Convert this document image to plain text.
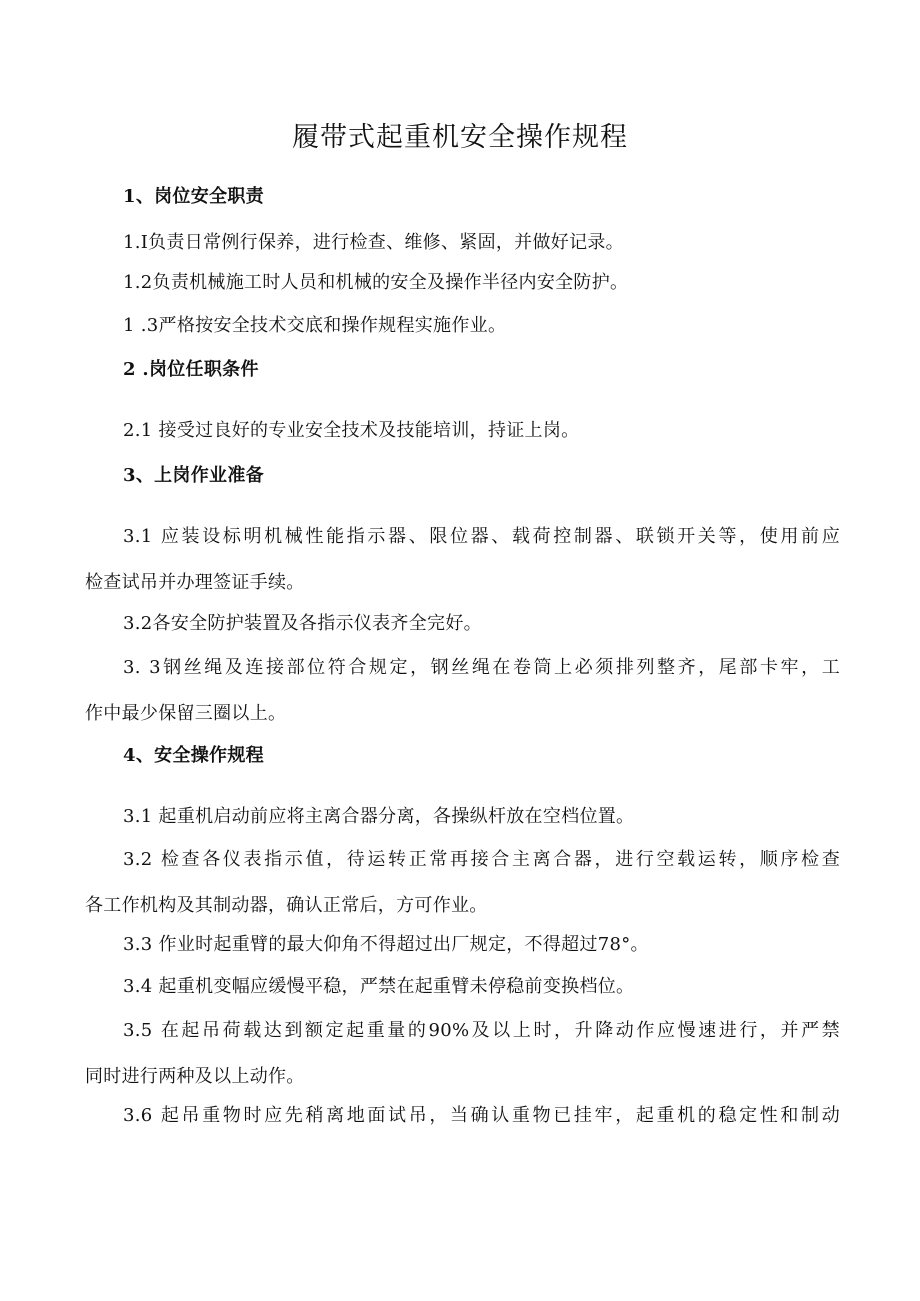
履带式起重机安全操作规程
1、岗位安全职责
1.I负责日常例行保养，进行检查、维修、紧固，并做好记录。
1.2负责机械施工时人员和机械的安全及操作半径内安全防护。
1 .3严格按安全技术交底和操作规程实施作业。
2 .岗位任职条件
2.1 接受过良好的专业安全技术及技能培训，持证上岗。
3、上岗作业准备
3.1 应装设标明机械性能指示器、限位器、载荷控制器、联锁开关等，使用前应
检查试吊并办理签证手续。
3.2各安全防护装置及各指示仪表齐全完好。
3. 3钢丝绳及连接部位符合规定，钢丝绳在卷筒上必须排列整齐，尾部卡牢，工
作中最少保留三圈以上。
4、安全操作规程
3.1 起重机启动前应将主离合器分离，各操纵杆放在空档位置。
3.2 检查各仪表指示值，待运转正常再接合主离合器，进行空载运转，顺序检查
各工作机构及其制动器，确认正常后，方可作业。
3.3 作业时起重臂的最大仰角不得超过出厂规定，不得超过78°。
3.4 起重机变幅应缓慢平稳，严禁在起重臂未停稳前变换档位。
3.5 在起吊荷载达到额定起重量的90%及以上时，升降动作应慢速进行，并严禁
同时进行两种及以上动作。
3.6 起吊重物时应先稍离地面试吊，当确认重物已挂牢，起重机的稳定性和制动
